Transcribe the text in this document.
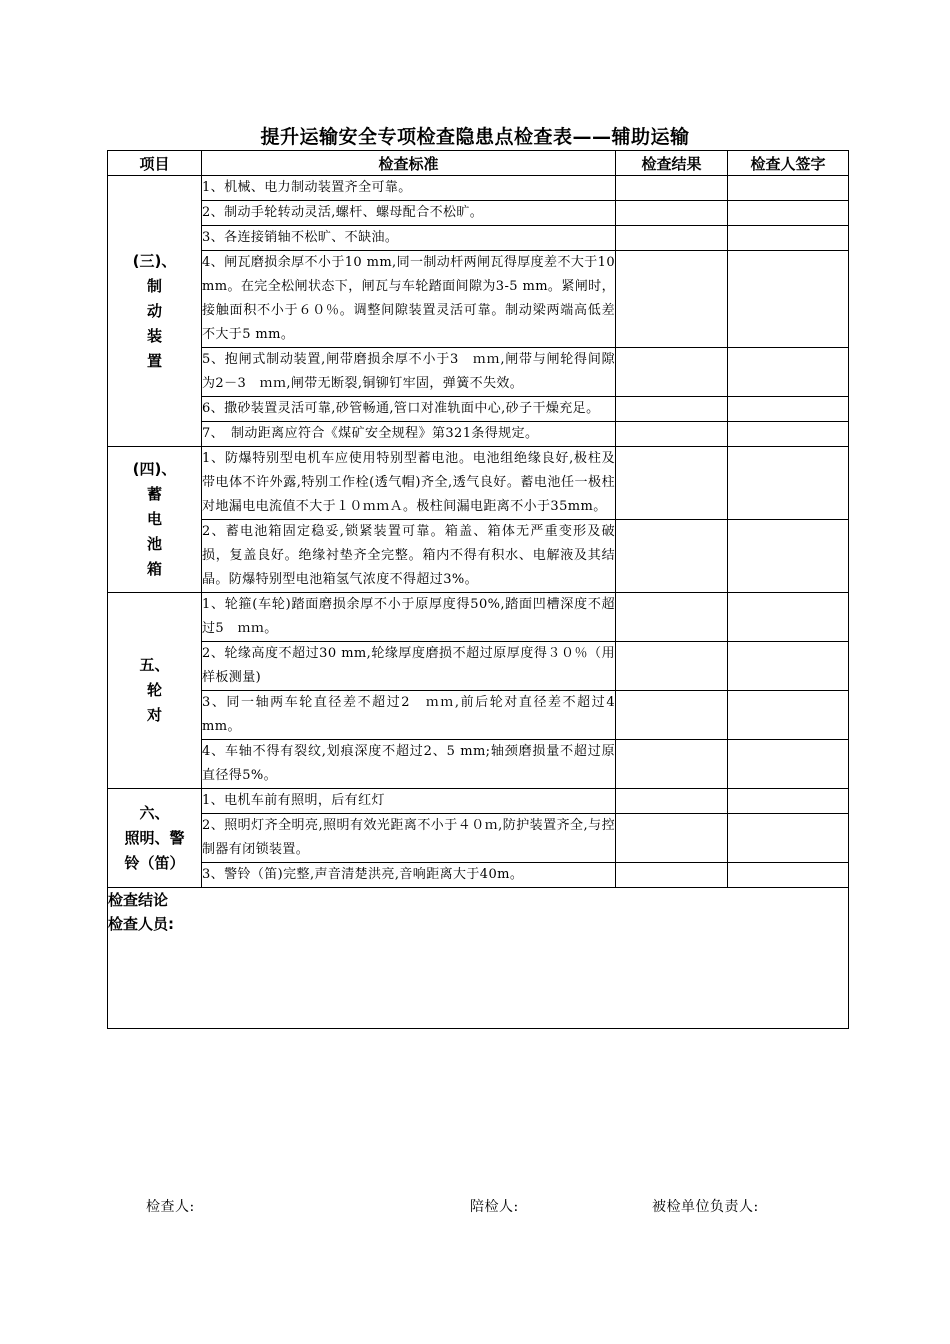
提升运输安全专项检查隐患点检查表——辅助运输
项目	检查标准	检查结果	检查人签字

(三)、
制
动
装
置	1、机械、电力制动装置齐全可靠。		
	2、制动手轮转动灵活,螺杆、螺母配合不松旷。		
	3、各连接销轴不松旷、不缺油。		
	4、闸瓦磨损余厚不小于10 mm,同一制动杆两闸瓦得厚度差不大于10　mm。在完全松闸状态下，闸瓦与车轮踏面间隙为3-5 mm。紧闸时，接触面积不小于６０％。调整间隙装置灵活可靠。制动梁两端高低差不大于5 mm。		
	5、抱闸式制动装置,闸带磨损余厚不小于3　ｍｍ,闸带与闸轮得间隙为2－3　ｍｍ,闸带无断裂,铜铆钉牢固，弹簧不失效。		
	6、撒砂装置灵活可靠,砂管畅通,管口对准轨面中心,砂子干燥充足。		
	7、　制动距离应符合《煤矿安全规程》第321条得规定。		

(四)、
蓄
电
池
箱	1、防爆特别型电机车应使用特别型蓄电池。电池组绝缘良好,极柱及带电体不许外露,特别工作栓(透气帽)齐全,透气良好。蓄电池任一极柱对地漏电电流值不大于１０ｍｍＡ。极柱间漏电距离不小于35mm。		
	2、蓄电池箱固定稳妥,锁紧装置可靠。箱盖、箱体无严重变形及破损，复盖良好。绝缘衬垫齐全完整。箱内不得有积水、电解液及其结晶。防爆特别型电池箱氢气浓度不得超过3%。		

五、
轮
对	1、轮箍(车轮)踏面磨损余厚不小于原厚度得50%,踏面凹槽深度不超过5　ｍｍ。		
	2、轮缘高度不超过30 mm,轮缘厚度磨损不超过原厚度得３０％（用样板测量)		
	3、同一轴两车轮直径差不超过2　ｍｍ,前后轮对直径差不超过4　mm。		
	4、车轴不得有裂纹,划痕深度不超过2、5 mm;轴颈磨损量不超过原直径得5%。		

六、
照明、警
铃（笛）	1、电机车前有照明，后有红灯		
	2、照明灯齐全明亮,照明有效光距离不小于４０ｍ,防护装置齐全,与控制器有闭锁装置。		
	3、警铃（笛)完整,声音清楚洪亮,音响距离大于40m。		

检查结论
检查人员:			
检查人:	陪检人:	被检单位负责人:
